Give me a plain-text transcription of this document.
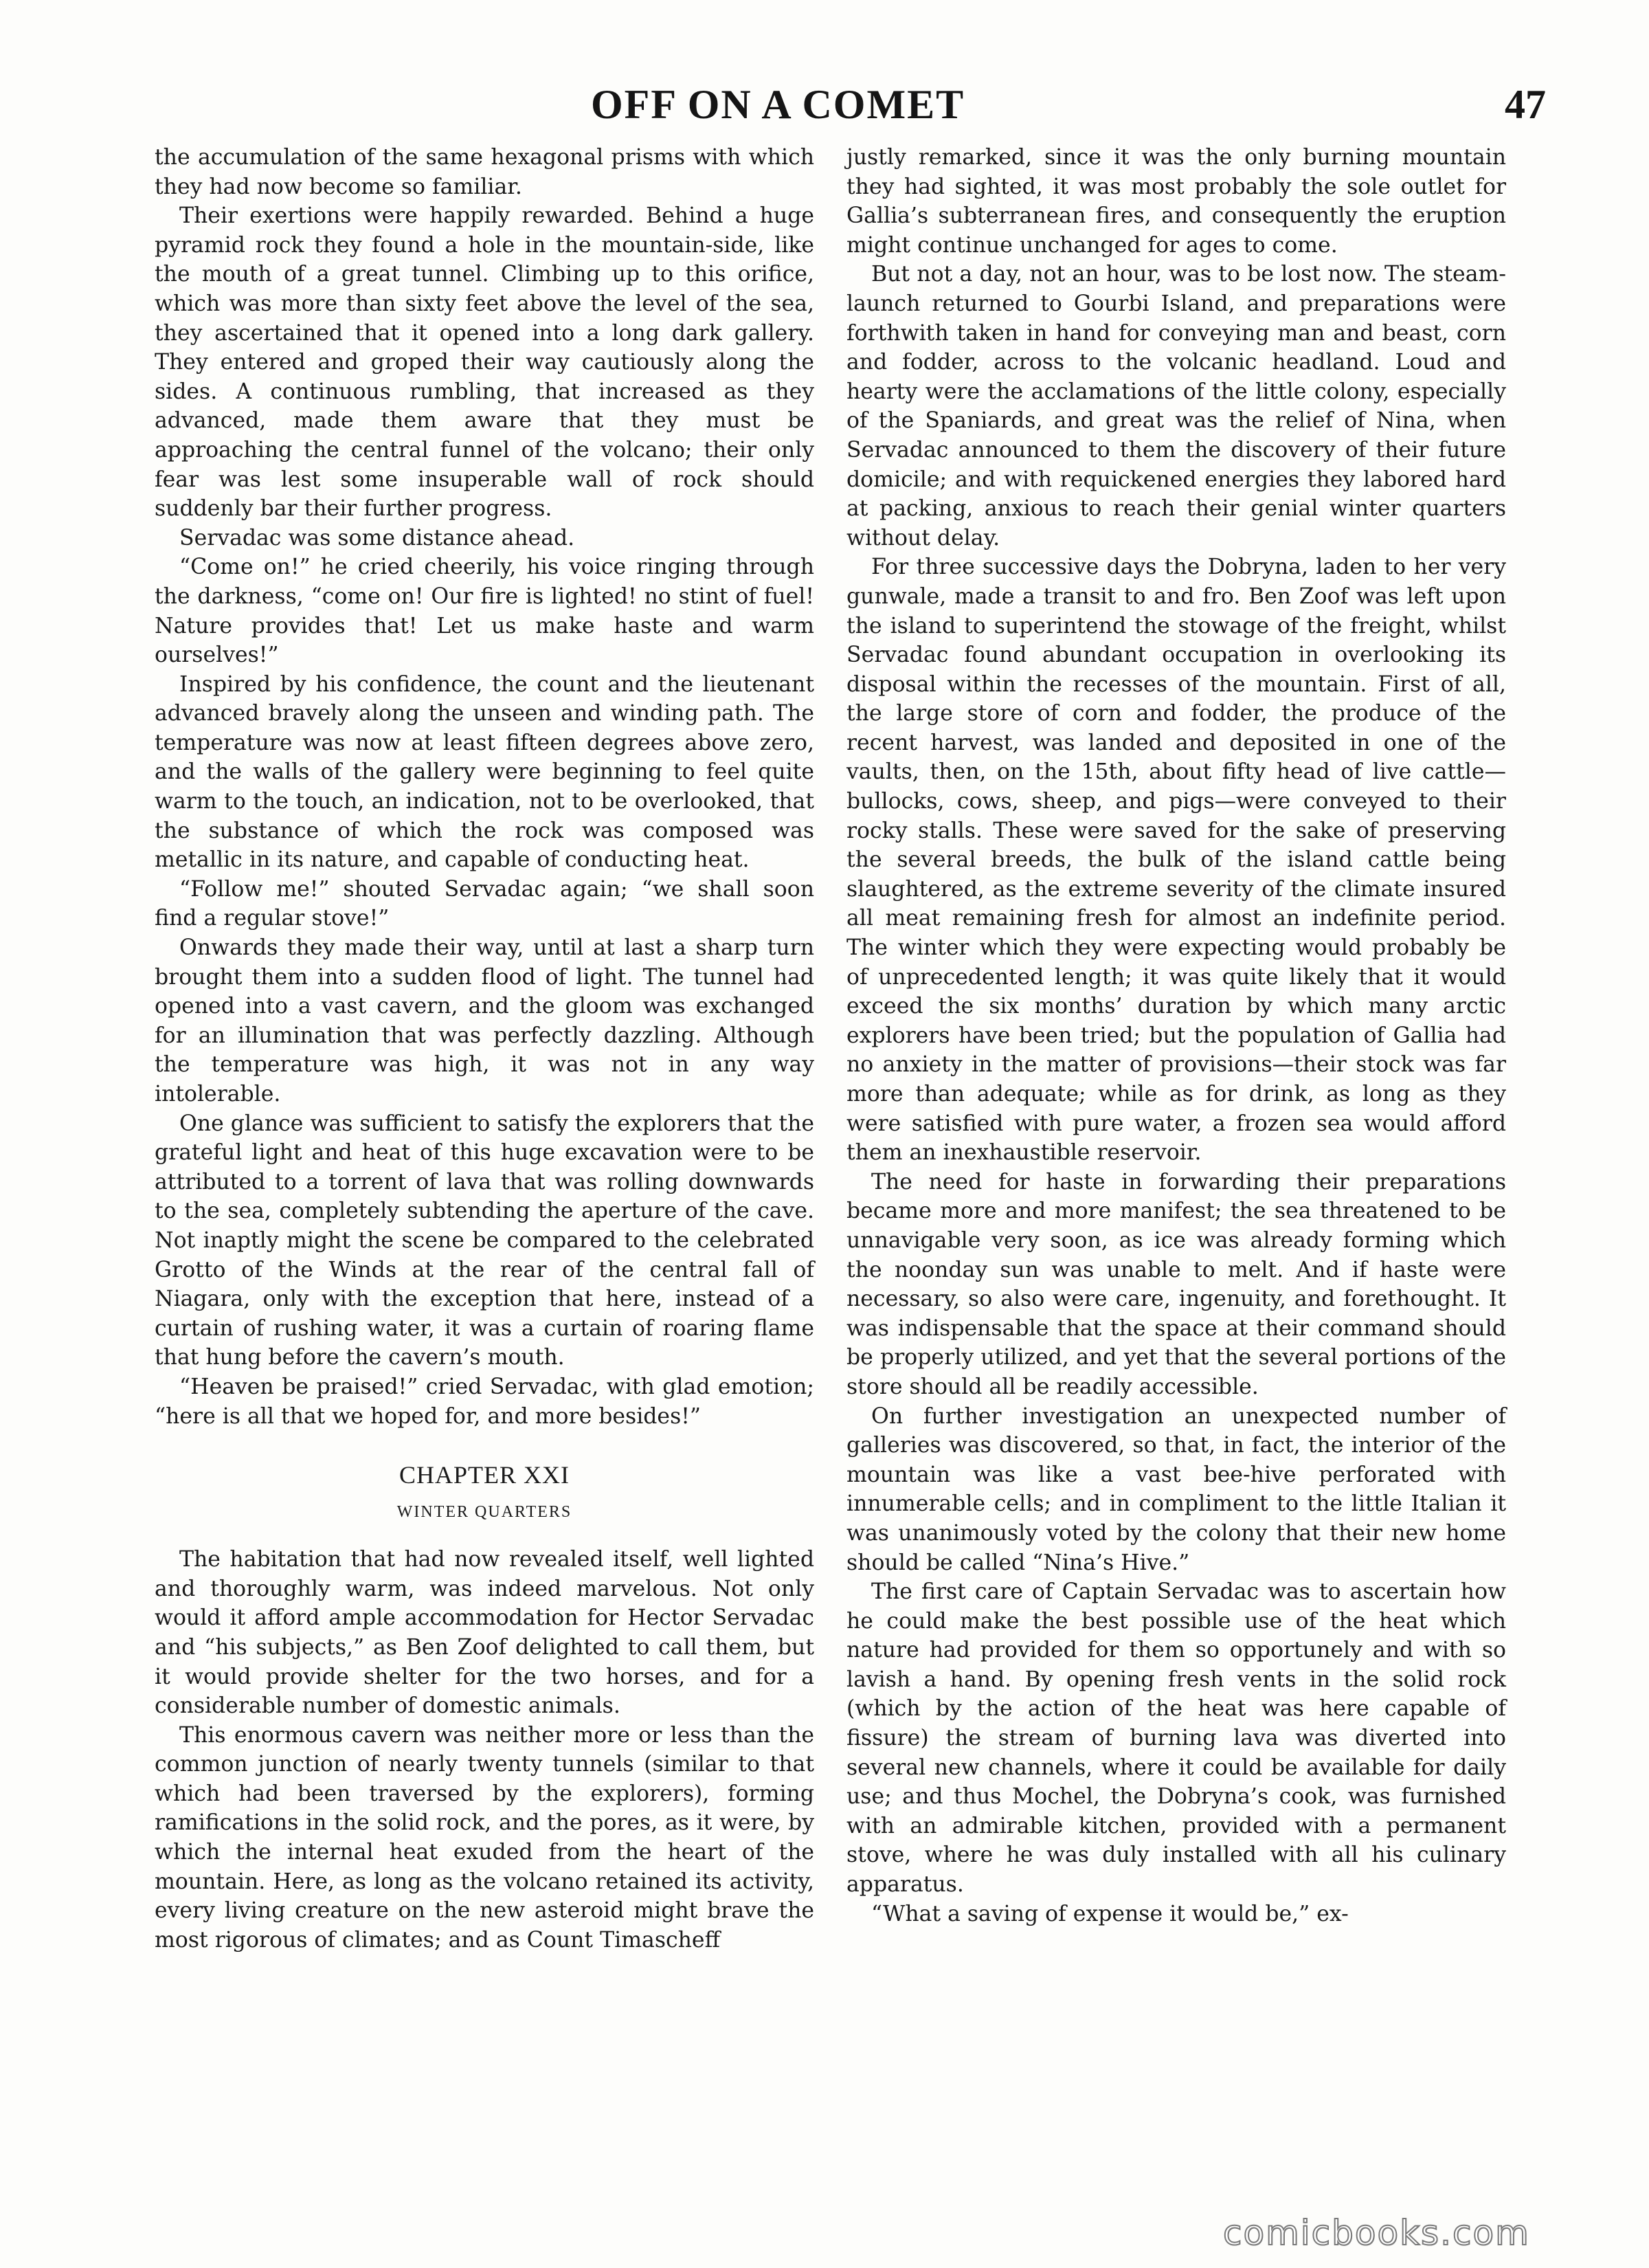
OFF ON A COMET	47

the accumulation of the same hexagonal prisms with which they had now become so familiar.

Their exertions were happily rewarded. Behind a huge pyramid rock they found a hole in the mountain-side, like the mouth of a great tunnel. Climbing up to this orifice, which was more than sixty feet above the level of the sea, they ascertained that it opened into a long dark gallery. They entered and groped their way cautiously along the sides. A continuous rumbling, that increased as they advanced, made them aware that they must be approaching the central funnel of the volcano; their only fear was lest some insuperable wall of rock should suddenly bar their further progress.

Servadac was some distance ahead.

“Come on!” he cried cheerily, his voice ringing through the darkness, “come on! Our fire is lighted! no stint of fuel! Nature provides that! Let us make haste and warm ourselves!”

Inspired by his confidence, the count and the lieutenant advanced bravely along the unseen and winding path. The temperature was now at least fifteen degrees above zero, and the walls of the gallery were beginning to feel quite warm to the touch, an indication, not to be overlooked, that the substance of which the rock was composed was metallic in its nature, and capable of conducting heat.

“Follow me!” shouted Servadac again; “we shall soon find a regular stove!”

Onwards they made their way, until at last a sharp turn brought them into a sudden flood of light. The tunnel had opened into a vast cavern, and the gloom was exchanged for an illumination that was perfectly dazzling. Although the temperature was high, it was not in any way intolerable.

One glance was sufficient to satisfy the explorers that the grateful light and heat of this huge excavation were to be attributed to a torrent of lava that was rolling downwards to the sea, completely subtending the aperture of the cave. Not inaptly might the scene be compared to the celebrated Grotto of the Winds at the rear of the central fall of Niagara, only with the exception that here, instead of a curtain of rushing water, it was a curtain of roaring flame that hung before the cavern’s mouth.

“Heaven be praised!” cried Servadac, with glad emotion; “here is all that we hoped for, and more besides!”

CHAPTER XXI
WINTER QUARTERS

The habitation that had now revealed itself, well lighted and thoroughly warm, was indeed marvelous. Not only would it afford ample accommodation for Hector Servadac and “his subjects,” as Ben Zoof delighted to call them, but it would provide shelter for the two horses, and for a considerable number of domestic animals.

This enormous cavern was neither more or less than the common junction of nearly twenty tunnels (similar to that which had been traversed by the explorers), forming ramifications in the solid rock, and the pores, as it were, by which the internal heat exuded from the heart of the mountain. Here, as long as the volcano retained its activity, every living creature on the new asteroid might brave the most rigorous of climates; and as Count Timascheff

justly remarked, since it was the only burning mountain they had sighted, it was most probably the sole outlet for Gallia’s subterranean fires, and consequently the eruption might continue unchanged for ages to come.

But not a day, not an hour, was to be lost now. The steam-launch returned to Gourbi Island, and preparations were forthwith taken in hand for conveying man and beast, corn and fodder, across to the volcanic headland. Loud and hearty were the acclamations of the little colony, especially of the Spaniards, and great was the relief of Nina, when Servadac announced to them the discovery of their future domicile; and with requickened energies they labored hard at packing, anxious to reach their genial winter quarters without delay.

For three successive days the Dobryna, laden to her very gunwale, made a transit to and fro. Ben Zoof was left upon the island to superintend the stowage of the freight, whilst Servadac found abundant occupation in overlooking its disposal within the recesses of the mountain. First of all, the large store of corn and fodder, the produce of the recent harvest, was landed and deposited in one of the vaults, then, on the 15th, about fifty head of live cattle—bullocks, cows, sheep, and pigs—were conveyed to their rocky stalls. These were saved for the sake of preserving the several breeds, the bulk of the island cattle being slaughtered, as the extreme severity of the climate insured all meat remaining fresh for almost an indefinite period. The winter which they were expecting would probably be of unprecedented length; it was quite likely that it would exceed the six months’ duration by which many arctic explorers have been tried; but the population of Gallia had no anxiety in the matter of provisions—their stock was far more than adequate; while as for drink, as long as they were satisfied with pure water, a frozen sea would afford them an inexhaustible reservoir.

The need for haste in forwarding their preparations became more and more manifest; the sea threatened to be unnavigable very soon, as ice was already forming which the noonday sun was unable to melt. And if haste were necessary, so also were care, ingenuity, and forethought. It was indispensable that the space at their command should be properly utilized, and yet that the several portions of the store should all be readily accessible.

On further investigation an unexpected number of galleries was discovered, so that, in fact, the interior of the mountain was like a vast bee-hive perforated with innumerable cells; and in compliment to the little Italian it was unanimously voted by the colony that their new home should be called “Nina’s Hive.”

The first care of Captain Servadac was to ascertain how he could make the best possible use of the heat which nature had provided for them so opportunely and with so lavish a hand. By opening fresh vents in the solid rock (which by the action of the heat was here capable of fissure) the stream of burning lava was diverted into several new channels, where it could be available for daily use; and thus Mochel, the Dobryna’s cook, was furnished with an admirable kitchen, provided with a permanent stove, where he was duly installed with all his culinary apparatus.

“What a saving of expense it would be,” ex-

comicbooks.com
